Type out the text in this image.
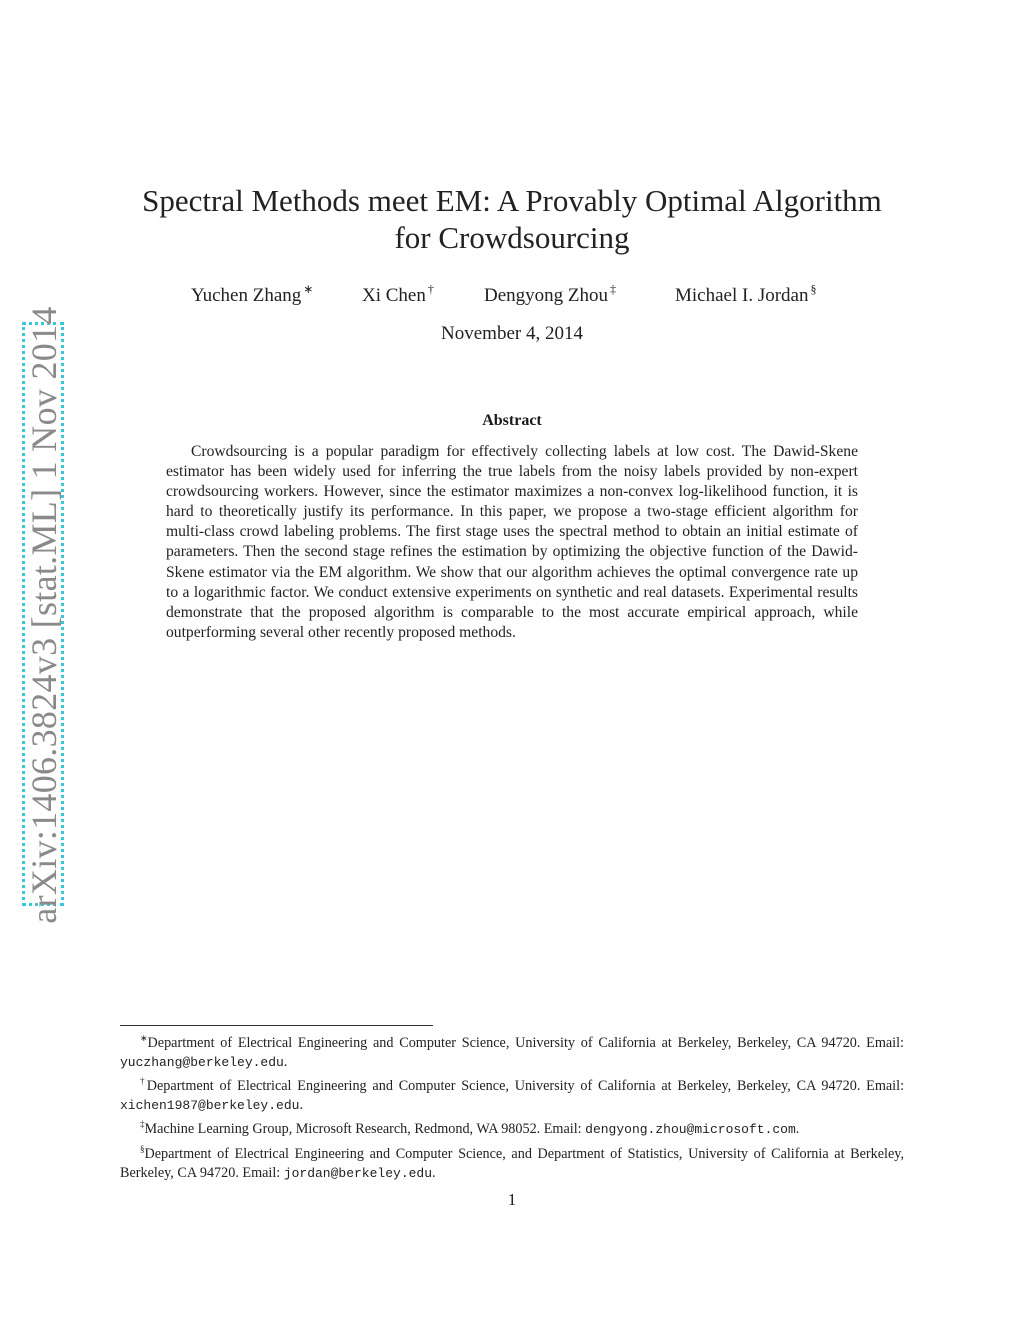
arXiv:1406.3824v3 [stat.ML] 1 Nov 2014
Spectral Methods meet EM: A Provably Optimal Algorithm
for Crowdsourcing
Yuchen Zhang ∗	Xi Chen †	Dengyong Zhou ‡	Michael I. Jordan §
November 4, 2014
Abstract
Crowdsourcing is a popular paradigm for effectively collecting labels at low cost. The Dawid-Skene estimator has been widely used for inferring the true labels from the noisy labels provided by non-expert crowdsourcing workers. However, since the estimator maximizes a non-convex log-likelihood function, it is hard to theoretically justify its performance. In this paper, we propose a two-stage efficient algorithm for multi-class crowd labeling problems. The first stage uses the spectral method to obtain an initial estimate of parameters. Then the second stage refines the estimation by optimizing the objective function of the Dawid-Skene estimator via the EM algorithm. We show that our algorithm achieves the optimal convergence rate up to a logarithmic factor. We conduct extensive experiments on synthetic and real datasets. Experimental results demonstrate that the proposed algorithm is comparable to the most accurate empirical approach, while outperforming several other recently proposed methods.
∗Department of Electrical Engineering and Computer Science, University of California at Berkeley, Berkeley, CA 94720. Email: yuczhang@berkeley.edu.
†Department of Electrical Engineering and Computer Science, University of California at Berkeley, Berkeley, CA 94720. Email: xichen1987@berkeley.edu.
‡Machine Learning Group, Microsoft Research, Redmond, WA 98052. Email: dengyong.zhou@microsoft.com.
§Department of Electrical Engineering and Computer Science, and Department of Statistics, University of California at Berkeley, Berkeley, CA 94720. Email: jordan@berkeley.edu.
1
